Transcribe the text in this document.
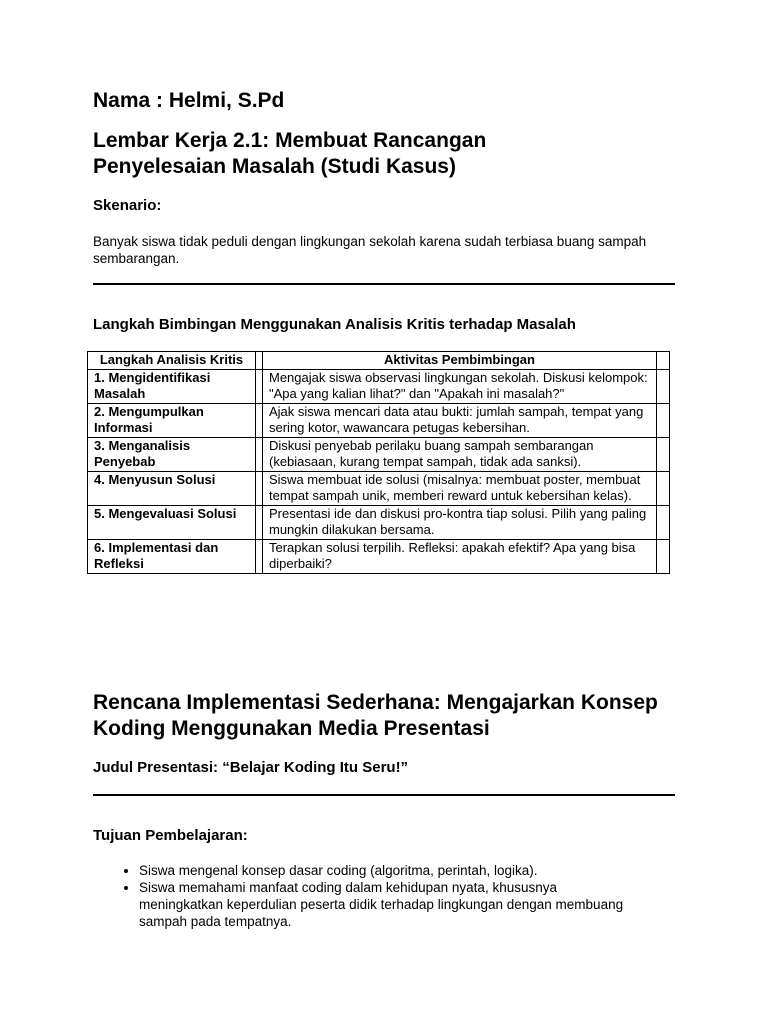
Nama : Helmi, S.Pd
Lembar Kerja 2.1: Membuat Rancangan Penyelesaian Masalah (Studi Kasus)
Skenario:

Banyak siswa tidak peduli dengan lingkungan sekolah karena sudah terbiasa buang sampah sembarangan.

Langkah Bimbingan Menggunakan Analisis Kritis terhadap Masalah
Langkah Analisis Kritis		Aktivitas Pembimbingan	
1. Mengidentifikasi Masalah		Mengajak siswa observasi lingkungan sekolah. Diskusi kelompok: "Apa yang kalian lihat?" dan "Apakah ini masalah?"	
2. Mengumpulkan Informasi		Ajak siswa mencari data atau bukti: jumlah sampah, tempat yang sering kotor, wawancara petugas kebersihan.	
3. Menganalisis Penyebab		Diskusi penyebab perilaku buang sampah sembarangan (kebiasaan, kurang tempat sampah, tidak ada sanksi).	
4. Menyusun Solusi		Siswa membuat ide solusi (misalnya: membuat poster, membuat tempat sampah unik, memberi reward untuk kebersihan kelas).	
5. Mengevaluasi Solusi		Presentasi ide dan diskusi pro-kontra tiap solusi. Pilih yang paling mungkin dilakukan bersama.	
6. Implementasi dan Refleksi		Terapkan solusi terpilih. Refleksi: apakah efektif? Apa yang bisa diperbaiki?	
Rencana Implementasi Sederhana: Mengajarkan Konsep Koding Menggunakan Media Presentasi
Judul Presentasi: “Belajar Koding Itu Seru!”
Tujuan Pembelajaran:
• Siswa mengenal konsep dasar coding (algoritma, perintah, logika).
• Siswa memahami manfaat coding dalam kehidupan nyata, khususnya meningkatkan keperdulian peserta didik terhadap lingkungan dengan membuang sampah pada tempatnya.
